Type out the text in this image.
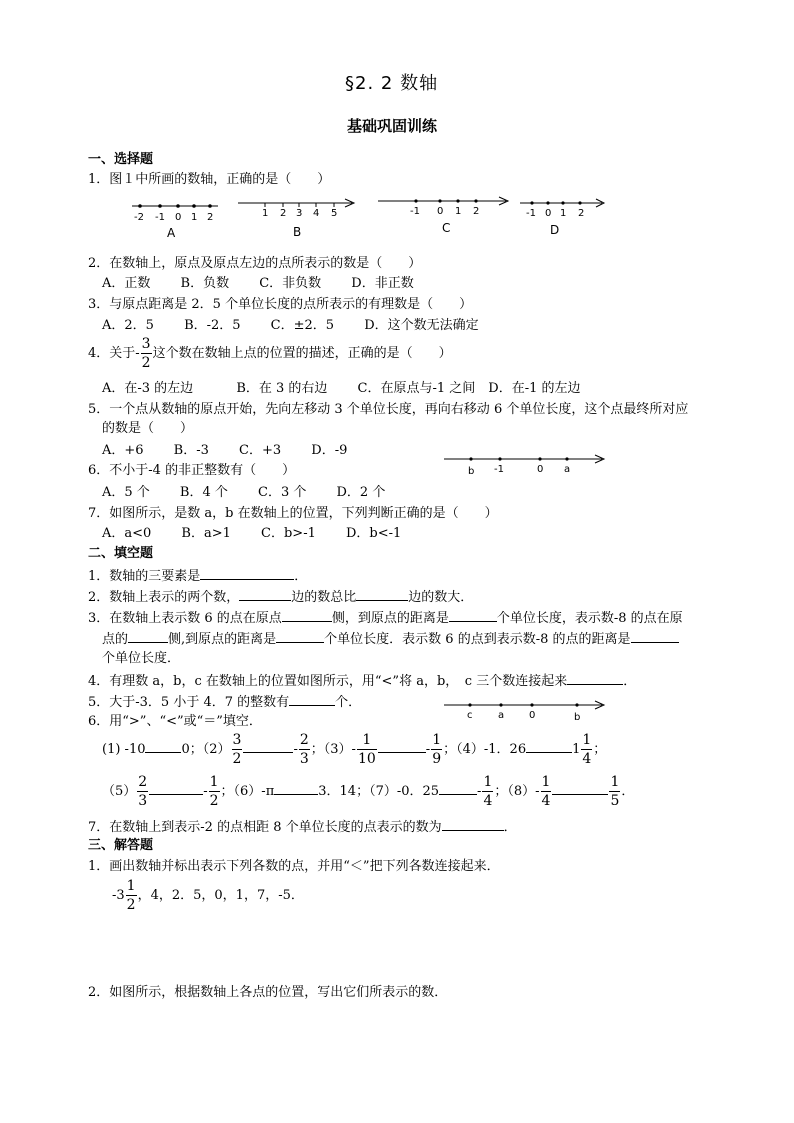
§2. 2 数轴
基础巩固训练
一、选择题
1．图１中所画的数轴，正确的是（　　）
-2 -1 0 1 2
A
1 2 3 4 5
B
-1 0 1 2
C
-1 0 1 2
D
2．在数轴上，原点及原点左边的点所表示的数是（　　）
A．正数　　 B．负数　　 C．非负数　　 D．非正数
3．与原点距离是 2．5 个单位长度的点所表示的有理数是（　　）
A．2．5　　 B．-2．5　　 C．±2．5　　 D．这个数无法确定
4．关于- $\frac{3}{2}$ 这个数在数轴上点的位置的描述，正确的是（　　）
A．在-3 的左边　　　 B．在 3 的右边　　 C．在原点与-1 之间　D．在-1 的左边
5．一个点从数轴的原点开始，先向左移动 3 个单位长度，再向右移动 6 个单位长度，这个点最终所对应
的数是（　　）
A．+6　　 B．-3　　 C．+3　　 D．-9
6．不小于-4 的非正整数有（　　）	b -1	0 a
A．5 个　　 B．4 个　　 C．3 个　　 D．2 个
7．如图所示，是数 a，b 在数轴上的位置，下列判断正确的是（　　）
A．a<0　　 B．a>1　　 C．b>-1　　 D．b<-1
二、填空题
1．数轴的三要素是	．
2．数轴上表示的两个数，	边的数总比	边的数大．
3．在数轴上表示数 6 的点在原点	侧，到原点的距离是	个单位长度，表示数-8 的点在原
点的	侧,到原点的距离是	个单位长度．表示数 6 的点到表示数-8 的点的距离是
个单位长度．
4．有理数 a，b，c 在数轴上的位置如图所示，用“<”将 a，b，　c 三个数连接起来	．
5．大于-3．5 小于 4．7 的整数有	个．
c	a 0	b
6．用“>”、“<”或“＝”填空．
(1) -10	0；$(2) \frac{3}{2}$	- $\frac{2}{3}$ ；$(3)- \frac{1}{10}$	- $\frac{1}{9}$ ；（4）-1．26	$1 \frac{1}{4}$ ；
$(5) \frac{2}{3}$	- $\frac{1}{2}$ ；（6）-π	3．14；（7）-0．25	- $\frac{1}{4}$ ；$(8)- \frac{1}{4}$	$\frac{1}{5}$ ．
7．在数轴上到表示-2 的点相距 8 个单位长度的点表示的数为	．
三、解答题
1．画出数轴并标出表示下列各数的点，并用“＜”把下列各数连接起来．
$-3 \frac{1}{2}$ ，4，2．5，0，1，7，-5．
2．如图所示，根据数轴上各点的位置，写出它们所表示的数．
